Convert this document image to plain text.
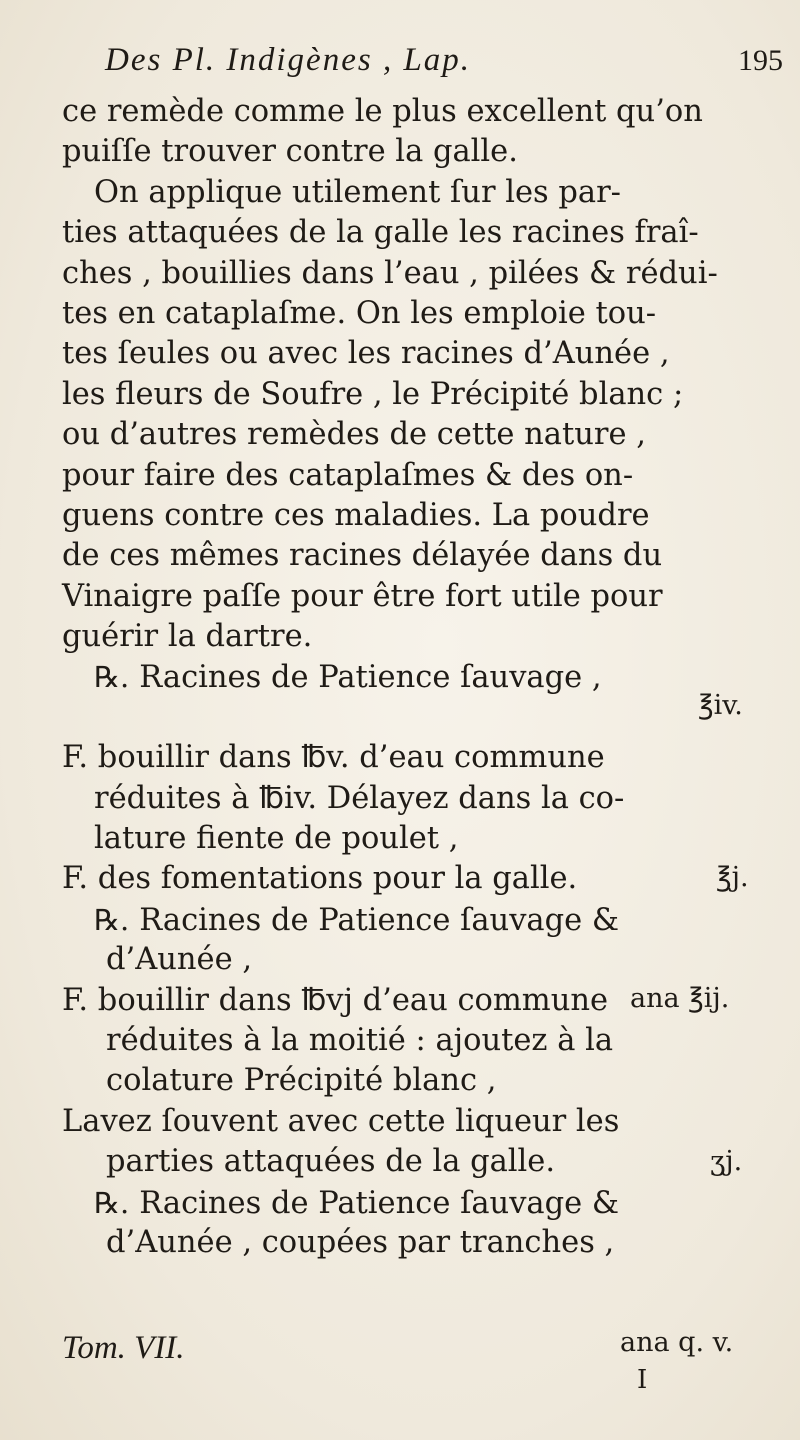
Des Pl. Indigènes , Lap.	195
ce remède comme le plus excellent qu’on
puiſſe trouver contre la galle.
On applique utilement ſur les par-
ties attaquées de la galle les racines fraî-
ches , bouillies dans l’eau , pilées & rédui-
tes en cataplaſme. On les emploie tou-
tes ſeules ou avec les racines d’Aunée ,
les fleurs de Soufre , le Précipité blanc ;
ou d’autres remèdes de cette nature ,
pour faire des cataplaſmes & des on-
guens contre ces maladies. La poudre
de ces mêmes racines délayée dans du
Vinaigre paſſe pour être fort utile pour
guérir la dartre.
℞. Racines de Patience ſauvage ,
F. bouillir dans ℔v. d’eau commune
réduites à ℔iv. Délayez dans la co-
lature fiente de poulet ,
F. des fomentations pour la galle.
℞. Racines de Patience ſauvage &
d’Aunée ,
F. bouillir dans ℔vj d’eau commune
réduites à la moitié : ajoutez à la
colature Précipité blanc ,
Lavez ſouvent avec cette liqueur les
parties attaquées de la galle.
℞. Racines de Patience ſauvage &
d’Aunée , coupées par tranches ,
℥iv.
℥j.
ana ℥ij.
ʒj.
Tom. VII.	ana q. v.
I
